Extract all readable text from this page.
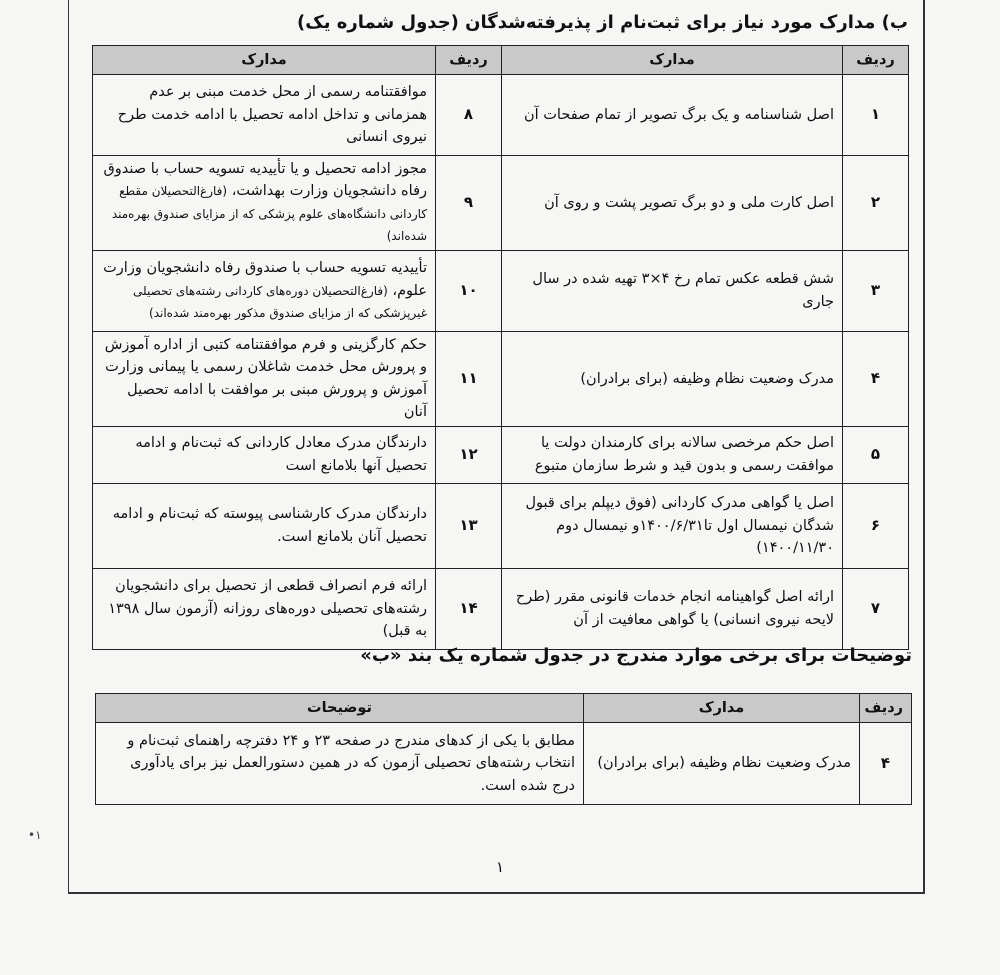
ب) مدارک مورد نیاز برای ثبت‌نام از پذیرفته‌شدگان (جدول شماره یک)
ردیف	مدارک	ردیف	مدارک
۱	اصل شناسنامه و یک برگ تصویر از تمام صفحات آن	۸	موافقتنامه رسمی از محل خدمت مبنی بر عدم همزمانی و تداخل ادامه تحصیل با ادامه خدمت طرح نیروی انسانی
۲	اصل کارت ملی و دو برگ تصویر پشت و روی آن	۹	مجوز ادامه تحصیل و یا تأییدیه تسویه حساب با صندوق رفاه دانشجویان وزارت بهداشت، (فارغ‌التحصیلان مقطع کاردانی دانشگاه‌های علوم پزشکی که از مزایای صندوق بهره‌مند شده‌اند)
۳	شش قطعه عکس تمام رخ ۴×۳ تهیه شده در سال جاری	۱۰	تأییدیه تسویه حساب با صندوق رفاه دانشجویان وزارت علوم، (فارغ‌التحصیلان دوره‌های کاردانی رشته‌های تحصیلی غیرپزشکی که از مزایای صندوق مذکور بهره‌مند شده‌اند)
۴	مدرک وضعیت نظام وظیفه (برای برادران)	۱۱	حکم کارگزینی و فرم موافقتنامه کتبی از اداره آموزش و پرورش محل خدمت شاغلان رسمی یا پیمانی وزارت آموزش و پرورش مبنی بر موافقت با ادامه تحصیل آنان
۵	اصل حکم مرخصی سالانه برای کارمندان دولت یا موافقت رسمی و بدون قید و شرط سازمان متبوع	۱۲	دارندگان مدرک معادل کاردانی که ثبت‌نام و ادامه تحصیل آنها بلامانع است
۶	اصل یا گواهی مدرک کاردانی (فوق دیپلم برای قبول شدگان نیمسال اول تا۱۴۰۰/۶/۳۱و نیمسال دوم ۱۴۰۰/۱۱/۳۰)	۱۳	دارندگان مدرک کارشناسی پیوسته که ثبت‌نام و ادامه تحصیل آنان بلامانع است.
۷	ارائه اصل گواهینامه انجام خدمات قانونی مقرر (طرح لایحه نیروی انسانی) یا گواهی معافیت از آن	۱۴	ارائه فرم انصراف قطعی از تحصیل برای دانشجویان رشته‌های تحصیلی دوره‌های روزانه (آزمون سال ۱۳۹۸ به قبل)
توضیحات برای برخی موارد مندرج در جدول شماره یک بند «ب»
ردیف	مدارک	توضیحات
۴	مدرک وضعیت نظام وظیفه (برای برادران)	مطابق با یکی از کدهای مندرج در صفحه ۲۳ و ۲۴ دفترچه راهنمای ثبت‌نام و انتخاب رشته‌های تحصیلی آزمون که در همین دستورالعمل نیز برای یادآوری درج شده است.
۱
•۱
